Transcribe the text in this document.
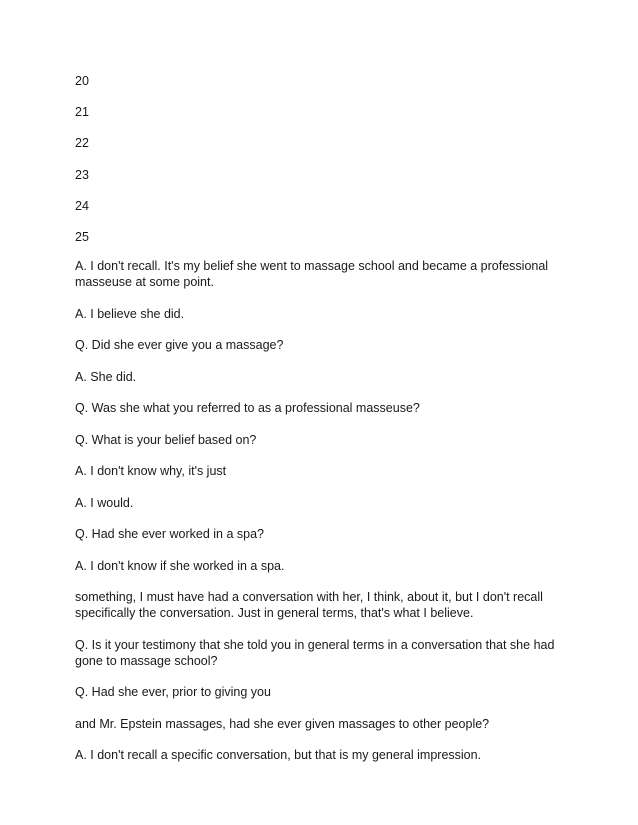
20
21
22
23
24
25

A. I don't recall. It's my belief she went to massage school and became a professional masseuse at some point.

A. I believe she did.

Q. Did she ever give you a massage?

A. She did.

Q. Was she what you referred to as a professional masseuse?

Q. What is your belief based on?

A. I don't know why, it's just

A. I would.

Q. Had she ever worked in a spa?

A. I don't know if she worked in a spa.

something, I must have had a conversation with her, I think, about it, but I don't recall specifically the conversation. Just in general terms, that's what I believe.

Q. Is it your testimony that she told you in general terms in a conversation that she had gone to massage school?

Q. Had she ever, prior to giving you

and Mr. Epstein massages, had she ever given massages to other people?

A. I don't recall a specific conversation, but that is my general impression.
